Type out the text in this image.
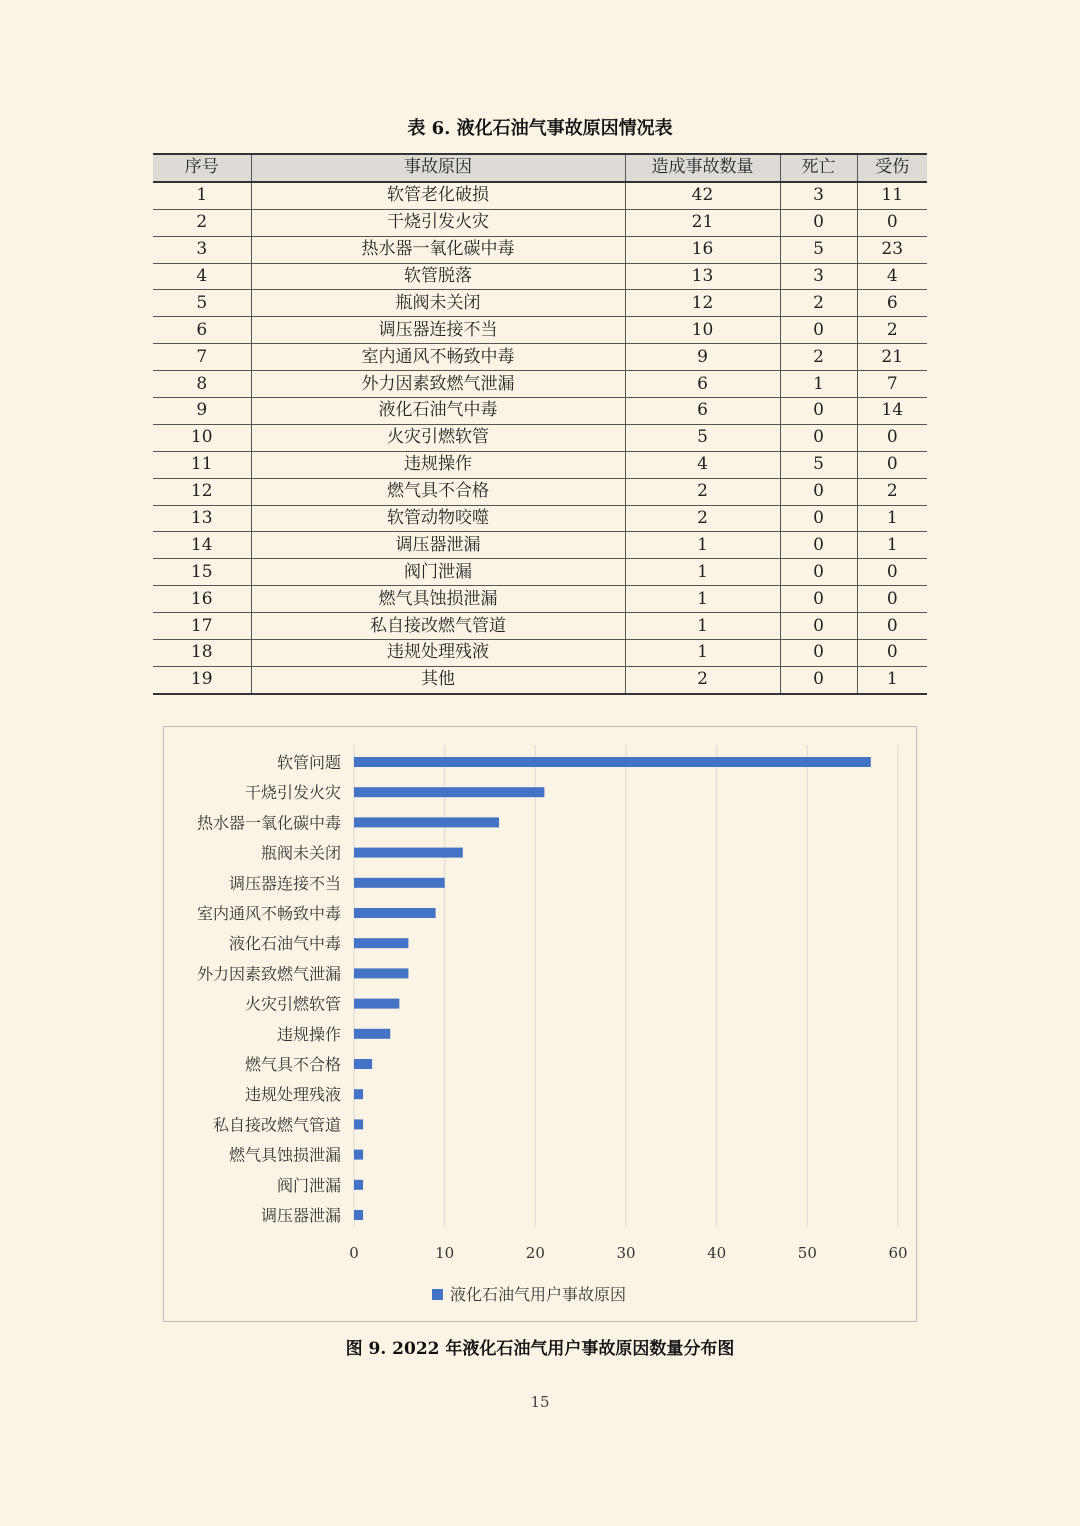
表 6. 液化石油气事故原因情况表
序号	事故原因	造成事故数量	死亡	受伤
1	软管老化破损	42	3	11
2	干烧引发火灾	21	0	0
3	热水器一氧化碳中毒	16	5	23
4	软管脱落	13	3	4
5	瓶阀未关闭	12	2	6
6	调压器连接不当	10	0	2
7	室内通风不畅致中毒	9	2	21
8	外力因素致燃气泄漏	6	1	7
9	液化石油气中毒	6	0	14
10	火灾引燃软管	5	0	0
11	违规操作	4	5	0
12	燃气具不合格	2	0	2
13	软管动物咬噬	2	0	1
14	调压器泄漏	1	0	1
15	阀门泄漏	1	0	0
16	燃气具蚀损泄漏	1	0	0
17	私自接改燃气管道	1	0	0
18	违规处理残液	1	0	0
19	其他	2	0	1
0	10	20	30	40	50	60
软管问题
干烧引发火灾
热水器一氧化碳中毒
瓶阀未关闭
调压器连接不当
室内通风不畅致中毒
液化石油气中毒
外力因素致燃气泄漏
火灾引燃软管
违规操作
燃气具不合格
违规处理残液
私自接改燃气管道
燃气具蚀损泄漏
阀门泄漏
调压器泄漏
液化石油气用户事故原因
图 9. 2022 年液化石油气用户事故原因数量分布图
15
